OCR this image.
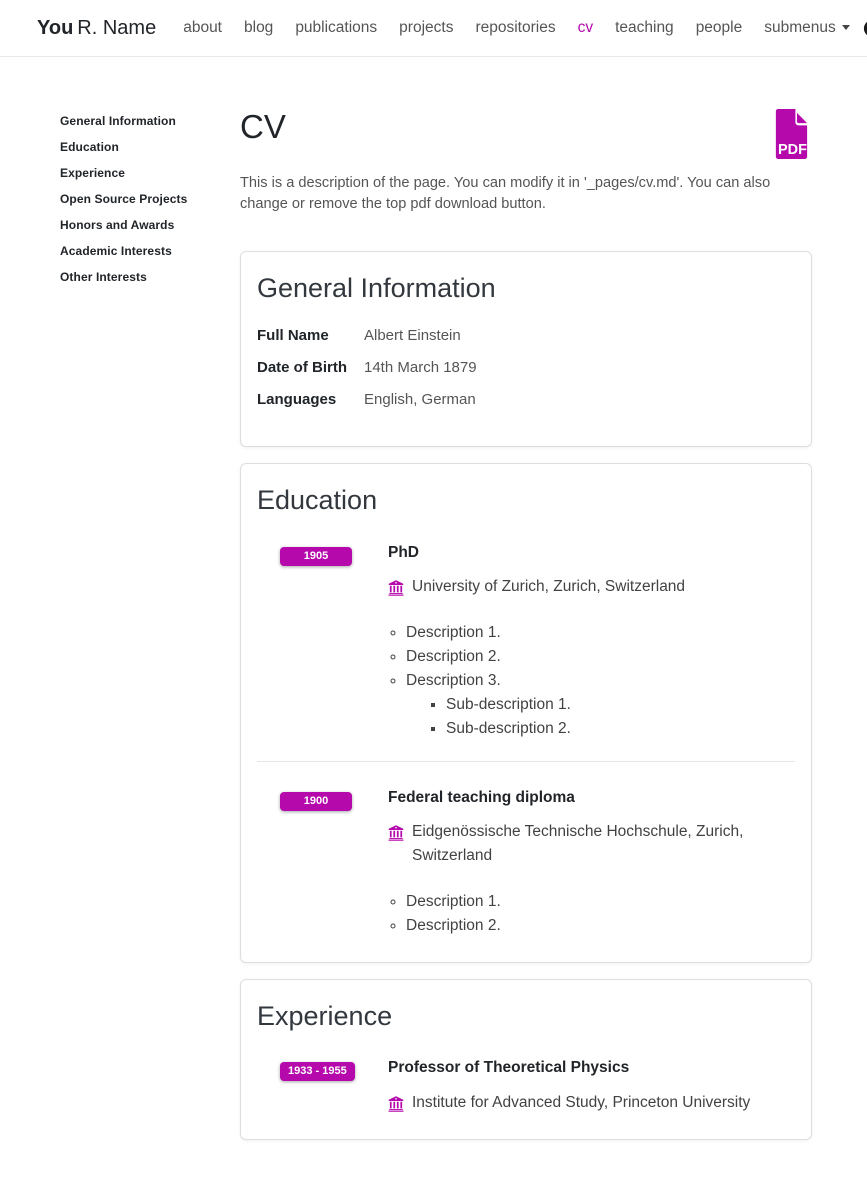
You R. Name	about	blog	publications	projects	repositories	cv	teaching	people	submenus
General Information
Education
Experience
Open Source Projects
Honors and Awards
Academic Interests
Other Interests
CV
PDF

This is a description of the page. You can modify it in '_pages/cv.md'. You can also change or remove the top pdf download button.

General Information
Full Name	Albert Einstein
Date of Birth	14th March 1879
Languages	English, German
Education
1905	PhD
University of Zurich, Zurich, Switzerland
◦ Description 1.
◦ Description 2.
◦ Description 3.
▪ Sub-description 1.
▪ Sub-description 2.
1900	Federal teaching diploma
Eidgenössische Technische Hochschule, Zurich, Switzerland
◦ Description 1.
◦ Description 2.
Experience
1933 - 1955	Professor of Theoretical Physics
Institute for Advanced Study, Princeton University
